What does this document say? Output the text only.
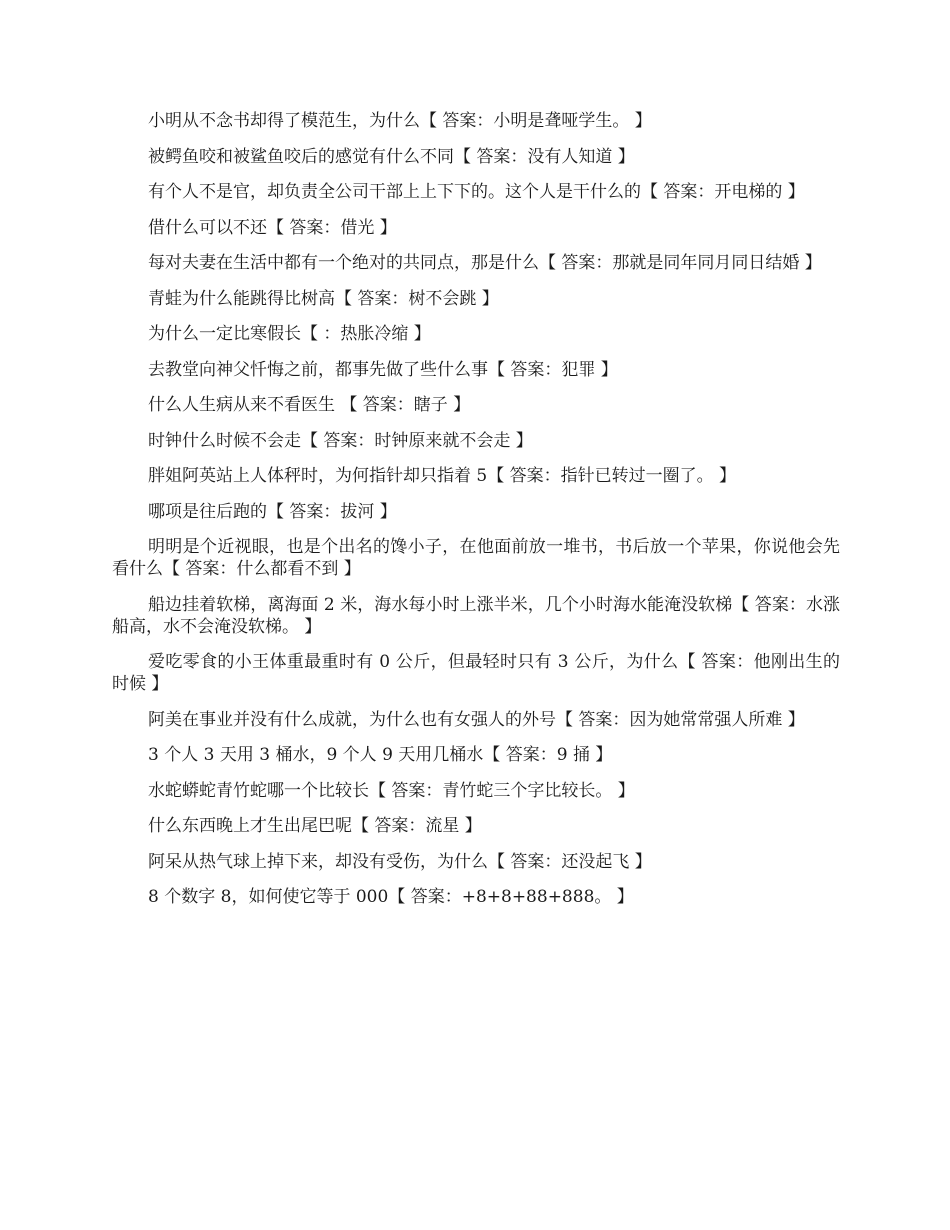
小明从不念书却得了模范生，为什么【 答案：小明是聋哑学生。 】

被鳄鱼咬和被鲨鱼咬后的感觉有什么不同【 答案：没有人知道 】

有个人不是官，却负责全公司干部上上下下的。这个人是干什么的【 答案：开电梯的 】

借什么可以不还【 答案：借光 】

每对夫妻在生活中都有一个绝对的共同点，那是什么【 答案：那就是同年同月同日结婚 】

青蛙为什么能跳得比树高【 答案：树不会跳 】

为什么一定比寒假长【 ：热胀冷缩 】

去教堂向神父忏悔之前，都事先做了些什么事【 答案：犯罪 】

什么人生病从来不看医生 【 答案：瞎子 】

时钟什么时候不会走【 答案：时钟原来就不会走 】

胖姐阿英站上人体秤时，为何指针却只指着 5【 答案：指针已转过一圈了。 】

哪项是往后跑的【 答案：拔河 】

明明是个近视眼，也是个出名的馋小子，在他面前放一堆书，书后放一个苹果，你说他会先看什么【 答案：什么都看不到 】

船边挂着软梯，离海面 2 米，海水每小时上涨半米，几个小时海水能淹没软梯【 答案：水涨船高，水不会淹没软梯。 】

爱吃零食的小王体重最重时有 0 公斤，但最轻时只有 3 公斤，为什么【 答案：他刚出生的时候 】

阿美在事业并没有什么成就，为什么也有女强人的外号【 答案：因为她常常强人所难 】

3 个人 3 天用 3 桶水，9 个人 9 天用几桶水【 答案：9 捅 】

水蛇蟒蛇青竹蛇哪一个比较长【 答案：青竹蛇三个字比较长。 】

什么东西晚上才生出尾巴呢【 答案：流星 】

阿呆从热气球上掉下来，却没有受伤，为什么【 答案：还没起飞 】

8 个数字 8，如何使它等于 000【 答案：+8+8+88+888。 】
